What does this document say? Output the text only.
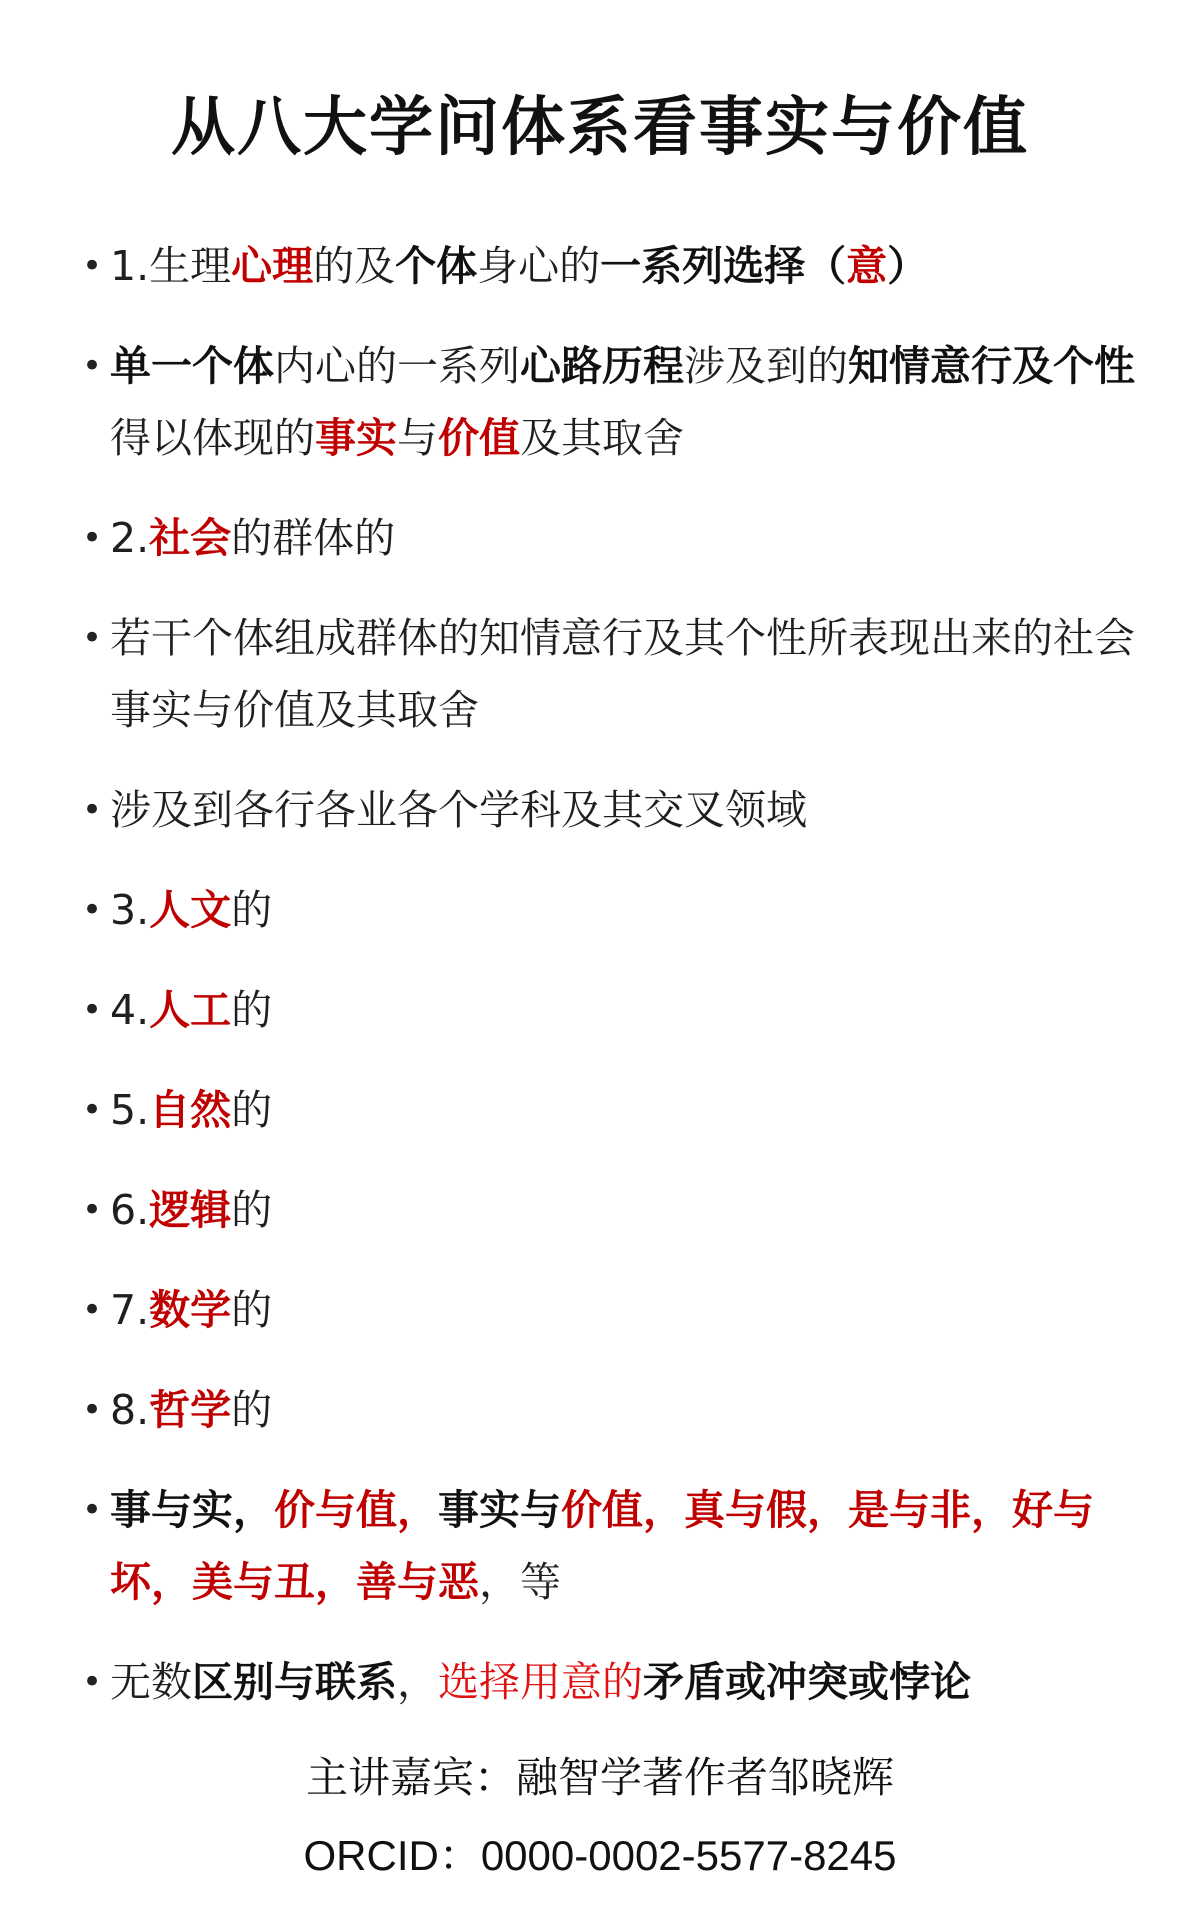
从八大学问体系看事实与价值
• 1.生理心理的及个体身心的一系列选择（意）
• 单一个体内心的一系列心路历程涉及到的知情意行及个性得以体现的事实与价值及其取舍
• 2.社会的群体的
• 若干个体组成群体的知情意行及其个性所表现出来的社会事实与价值及其取舍
• 涉及到各行各业各个学科及其交叉领域
• 3.人文的
• 4.人工的
• 5.自然的
• 6.逻辑的
• 7.数学的
• 8.哲学的
• 事与实，价与值，事实与价值，真与假，是与非，好与坏，美与丑，善与恶，等
• 无数区别与联系，选择用意的矛盾或冲突或悖论
主讲嘉宾：融智学著作者邹晓辉
ORCID：0000-0002-5577-8245
